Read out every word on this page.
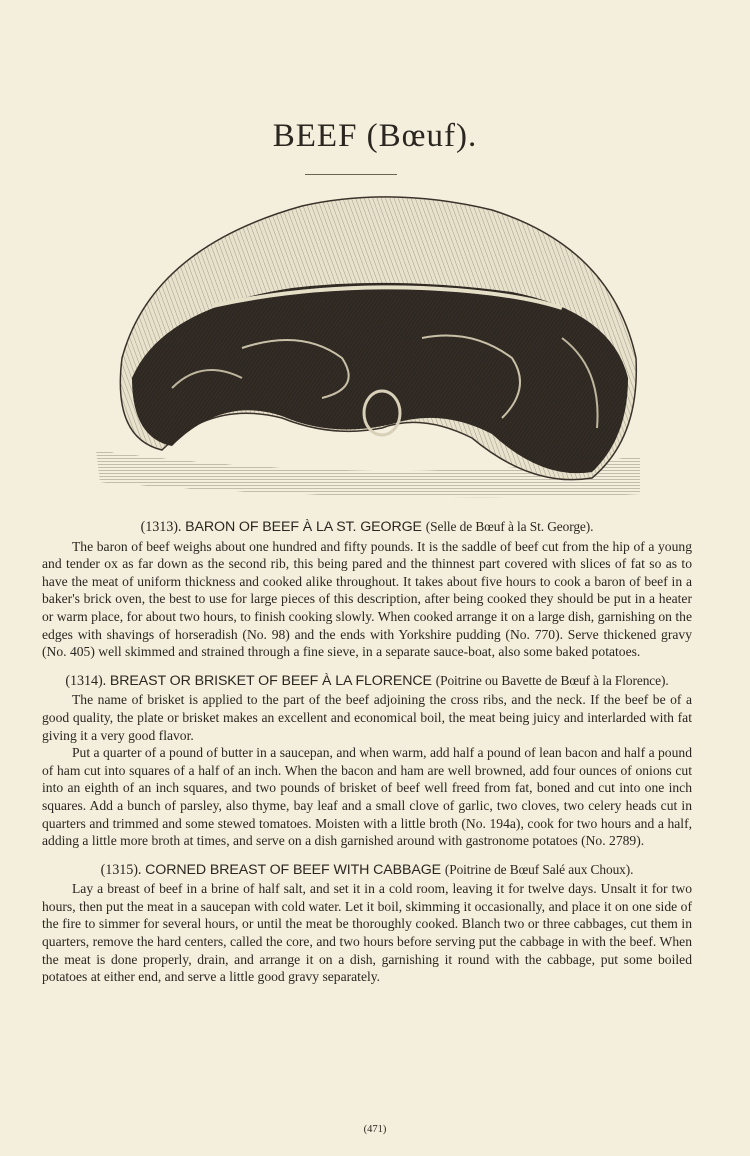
BEEF (Bœuf).
(1313). BARON OF BEEF À LA ST. GEORGE (Selle de Bœuf à la St. George).

The baron of beef weighs about one hundred and fifty pounds. It is the saddle of beef cut from the hip of a young and tender ox as far down as the second rib, this being pared and the thinnest part covered with slices of fat so as to have the meat of uniform thickness and cooked alike throughout. It takes about five hours to cook a baron of beef in a baker's brick oven, the best to use for large pieces of this description, after being cooked they should be put in a heater or warm place, for about two hours, to finish cooking slowly. When cooked arrange it on a large dish, garnishing on the edges with shavings of horseradish (No. 98) and the ends with Yorkshire pudding (No. 770). Serve thickened gravy (No. 405) well skimmed and strained through a fine sieve, in a separate sauce-boat, also some baked potatoes.

(1314). BREAST OR BRISKET OF BEEF À LA FLORENCE (Poitrine ou Bavette de Bœuf à la Florence).

The name of brisket is applied to the part of the beef adjoining the cross ribs, and the neck. If the beef be of a good quality, the plate or brisket makes an excellent and economical boil, the meat being juicy and interlarded with fat giving it a very good flavor.

Put a quarter of a pound of butter in a saucepan, and when warm, add half a pound of lean bacon and half a pound of ham cut into squares of a half of an inch. When the bacon and ham are well browned, add four ounces of onions cut into an eighth of an inch squares, and two pounds of brisket of beef well freed from fat, boned and cut into one inch squares. Add a bunch of parsley, also thyme, bay leaf and a small clove of garlic, two cloves, two celery heads cut in quarters and trimmed and some stewed tomatoes. Moisten with a little broth (No. 194a), cook for two hours and a half, adding a little more broth at times, and serve on a dish garnished around with gastronome potatoes (No. 2789).

(1315). CORNED BREAST OF BEEF WITH CABBAGE (Poitrine de Bœuf Salé aux Choux).

Lay a breast of beef in a brine of half salt, and set it in a cold room, leaving it for twelve days. Unsalt it for two hours, then put the meat in a saucepan with cold water. Let it boil, skimming it occasionally, and place it on one side of the fire to simmer for several hours, or until the meat be thoroughly cooked. Blanch two or three cabbages, cut them in quarters, remove the hard centers, called the core, and two hours before serving put the cabbage in with the beef. When the meat is done properly, drain, and arrange it on a dish, garnishing it round with the cabbage, put some boiled potatoes at either end, and serve a little good gravy separately.

(471)
